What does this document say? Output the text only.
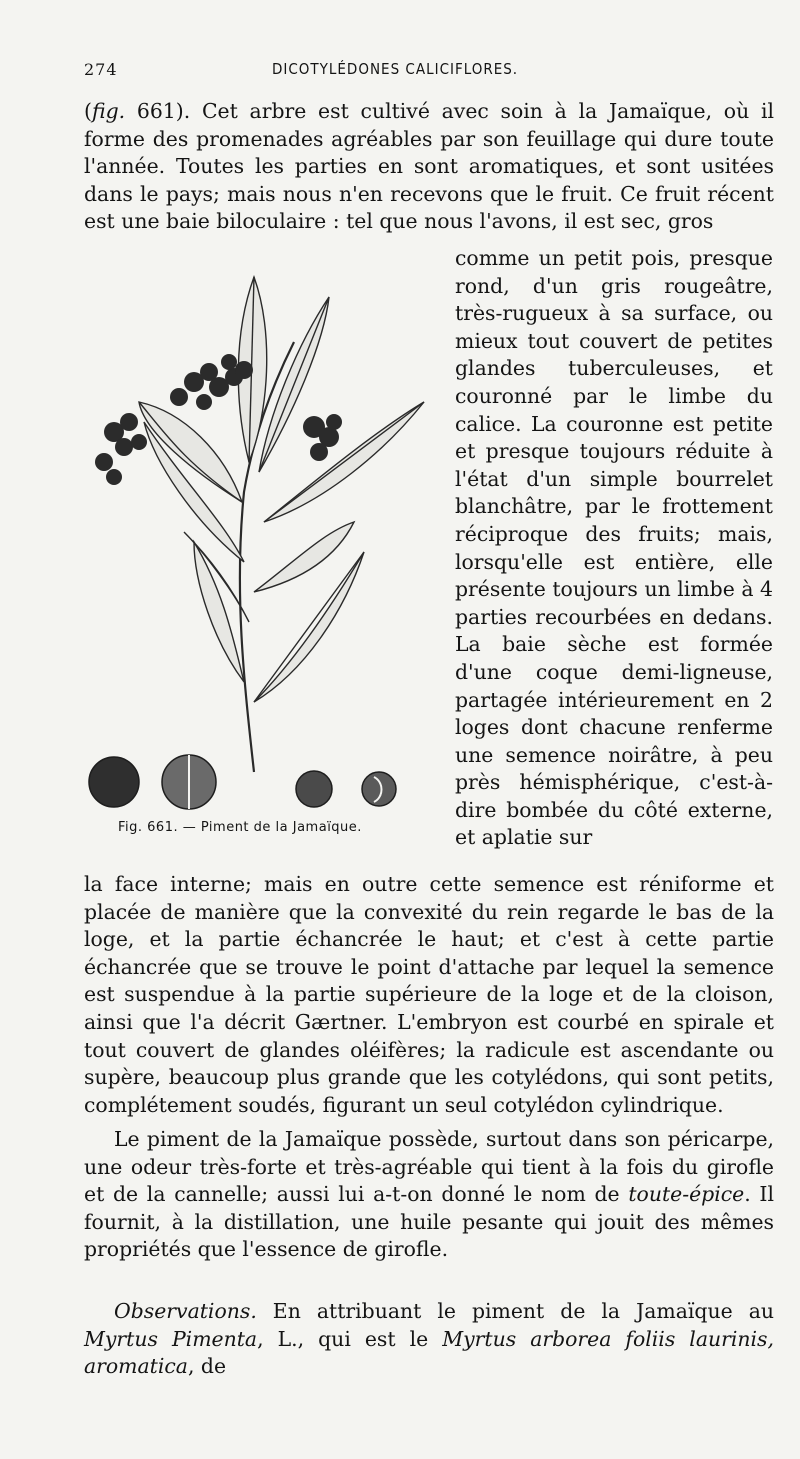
274	DICOTYLÉDONES CALICIFLORES.

(fig. 661). Cet arbre est cultivé avec soin à la Jamaïque, où il forme des promenades agréables par son feuillage qui dure toute l'année. Toutes les parties en sont aromatiques, et sont usitées dans le pays; mais nous n'en recevons que le fruit. Ce fruit récent est une baie biloculaire : tel que nous l'avons, il est sec, gros

comme un petit pois, presque rond, d'un gris rougeâtre, très-rugueux à sa surface, ou mieux tout couvert de petites glandes tuberculeuses, et couronné par le limbe du calice. La couronne est petite et presque toujours réduite à l'état d'un simple bourrelet blanchâtre, par le frottement réciproque des fruits; mais, lorsqu'elle est entière, elle présente toujours un limbe à 4 parties recourbées en dedans. La baie sèche est formée d'une coque demi-ligneuse, partagée intérieurement en 2 loges dont chacune renferme une semence noirâtre, à peu près hémisphérique, c'est-à-dire bombée du côté externe, et aplatie sur

Fig. 661. — Piment de la Jamaïque.

la face interne; mais en outre cette semence est réniforme et placée de manière que la convexité du rein regarde le bas de la loge, et la partie échancrée le haut; et c'est à cette partie échancrée que se trouve le point d'attache par lequel la semence est suspendue à la partie supérieure de la loge et de la cloison, ainsi que l'a décrit Gærtner. L'embryon est courbé en spirale et tout couvert de glandes oléifères; la radicule est ascendante ou supère, beaucoup plus grande que les cotylédons, qui sont petits, complétement soudés, figurant un seul cotylédon cylindrique.

Le piment de la Jamaïque possède, surtout dans son péricarpe, une odeur très-forte et très-agréable qui tient à la fois du girofle et de la cannelle; aussi lui a-t-on donné le nom de toute-épice. Il fournit, à la distillation, une huile pesante qui jouit des mêmes propriétés que l'essence de girofle.

Observations. En attribuant le piment de la Jamaïque au Myrtus Pimenta, L., qui est le Myrtus arborea foliis laurinis, aromatica, de
